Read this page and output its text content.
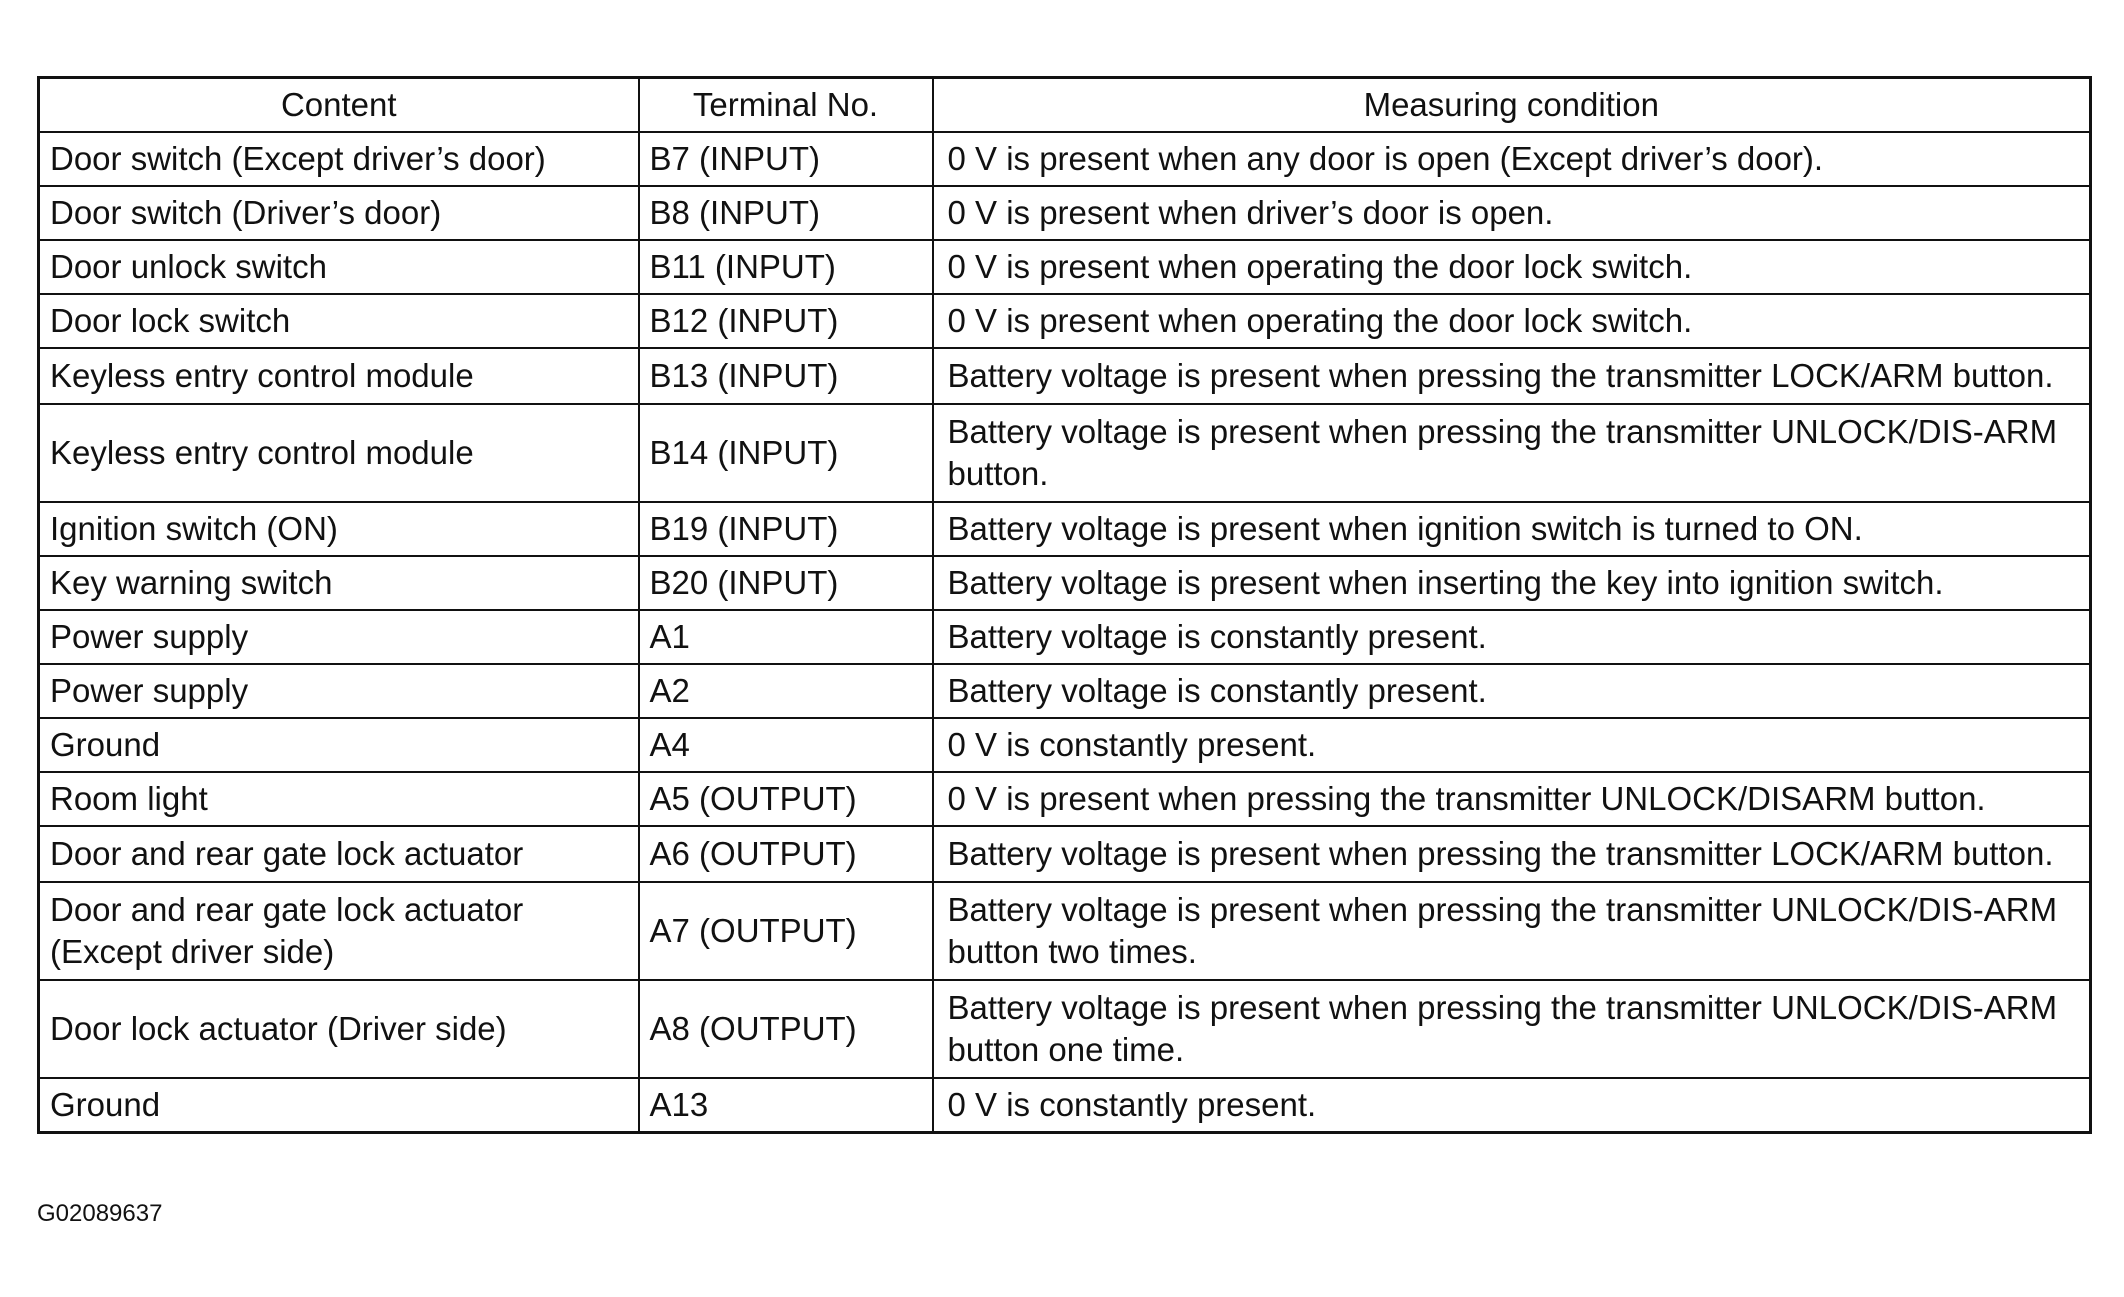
Content	Terminal No.	Measuring condition
Door switch (Except driver’s door)	B7 (INPUT)	0 V is present when any door is open (Except driver’s door).
Door switch (Driver’s door)	B8 (INPUT)	0 V is present when driver’s door is open.
Door unlock switch	B11 (INPUT)	0 V is present when operating the door lock switch.
Door lock switch	B12 (INPUT)	0 V is present when operating the door lock switch.
Keyless entry control module	B13 (INPUT)	Battery voltage is present when pressing the transmitter LOCK/ARM button.
Keyless entry control module	B14 (INPUT)	Battery voltage is present when pressing the transmitter UNLOCK/DIS-ARM button.
Ignition switch (ON)	B19 (INPUT)	Battery voltage is present when ignition switch is turned to ON.
Key warning switch	B20 (INPUT)	Battery voltage is present when inserting the key into ignition switch.
Power supply	A1	Battery voltage is constantly present.
Power supply	A2	Battery voltage is constantly present.
Ground	A4	0 V is constantly present.
Room light	A5 (OUTPUT)	0 V is present when pressing the transmitter UNLOCK/DISARM button.
Door and rear gate lock actuator	A6 (OUTPUT)	Battery voltage is present when pressing the transmitter LOCK/ARM button.
Door and rear gate lock actuator (Except driver side)	A7 (OUTPUT)	Battery voltage is present when pressing the transmitter UNLOCK/DIS-ARM button two times.
Door lock actuator (Driver side)	A8 (OUTPUT)	Battery voltage is present when pressing the transmitter UNLOCK/DIS-ARM button one time.
Ground	A13	0 V is constantly present.
G02089637
